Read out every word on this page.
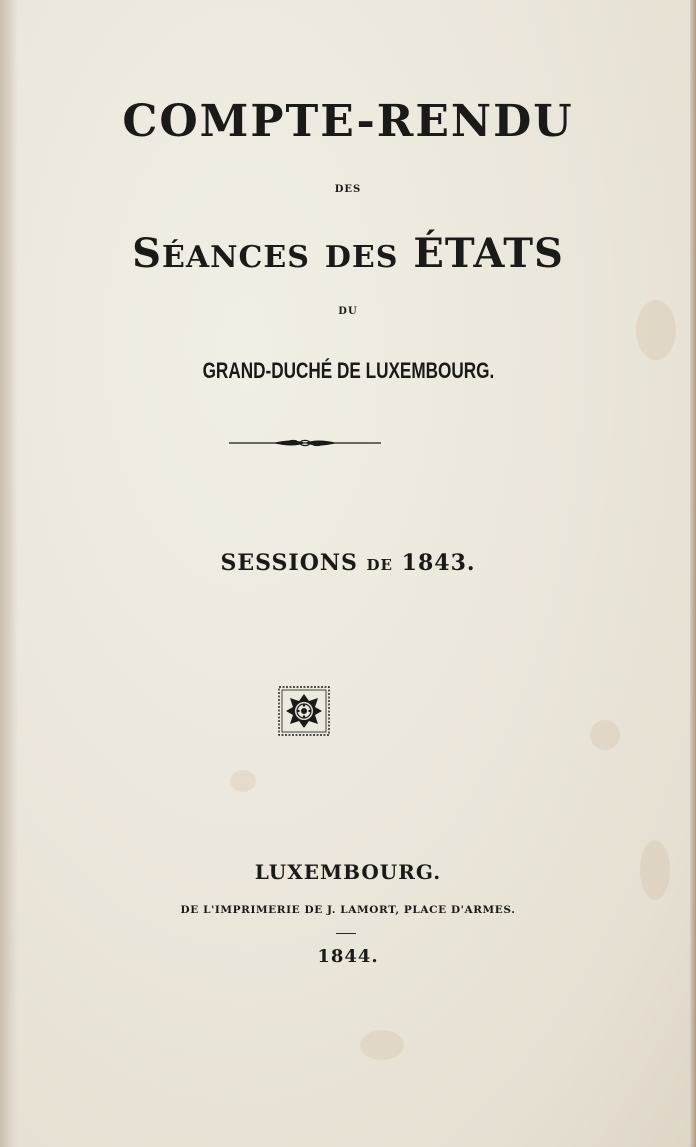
COMPTE-RENDU
DES
SÉANCES DES ÉTATS
DU
GRAND-DUCHÉ DE LUXEMBOURG.
SESSIONS DE 1843.
LUXEMBOURG.
DE L'IMPRIMERIE DE J. LAMORT, PLACE D'ARMES.
1844.
